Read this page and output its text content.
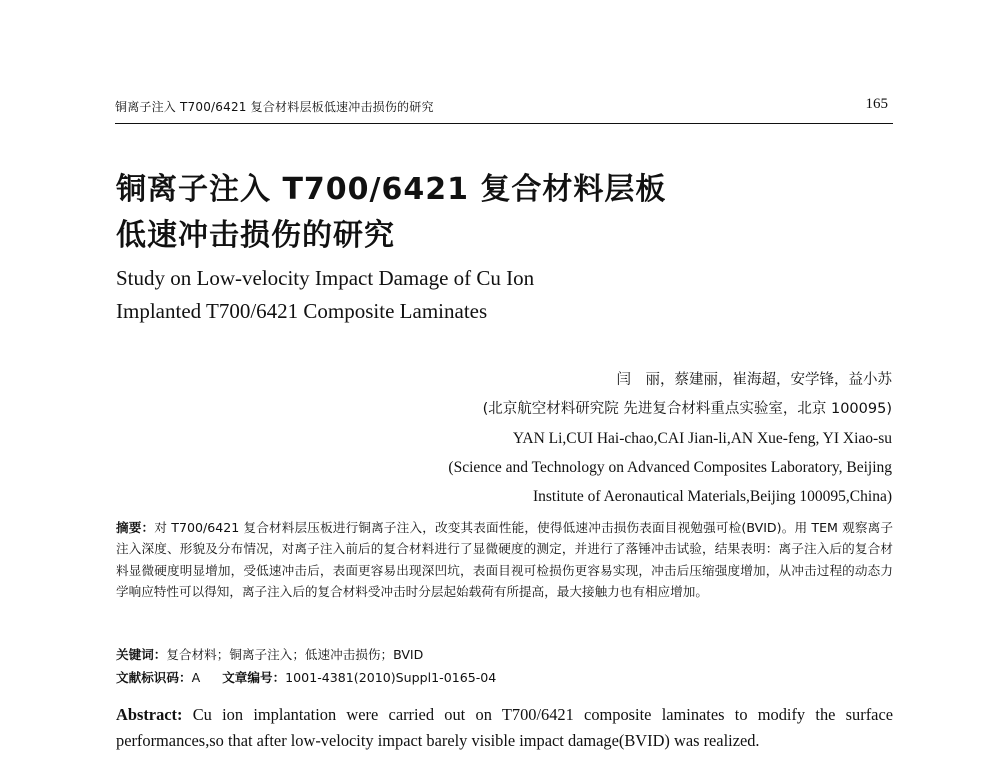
铜离子注入 T700/6421 复合材料层板低速冲击损伤的研究	165
铜离子注入 T700/6421 复合材料层板
低速冲击损伤的研究
Study on Low-velocity Impact Damage of Cu Ion
Implanted T700/6421 Composite Laminates
闫　丽，蔡建丽，崔海超，安学锋，益小苏
(北京航空材料研究院 先进复合材料重点实验室，北京 100095)
YAN Li,CUI Hai-chao,CAI Jian-li,AN Xue-feng, YI Xiao-su
(Science and Technology on Advanced Composites Laboratory, Beijing
Institute of Aeronautical Materials,Beijing 100095,China)
摘要：对 T700/6421 复合材料层压板进行铜离子注入，改变其表面性能，使得低速冲击损伤表面目视勉强可检(BVID)。用 TEM 观察离子注入深度、形貌及分布情况，对离子注入前后的复合材料进行了显微硬度的测定，并进行了落锤冲击试验，结果表明：离子注入后的复合材料显微硬度明显增加，受低速冲击后，表面更容易出现深凹坑，表面目视可检损伤更容易实现，冲击后压缩强度增加，从冲击过程的动态力学响应特性可以得知，离子注入后的复合材料受冲击时分层起始载荷有所提高，最大接触力也有相应增加。
关键词：复合材料；铜离子注入；低速冲击损伤；BVID
文献标识码：A 文章编号：1001-4381(2010)Suppl1-0165-04
Abstract: Cu ion implantation were carried out on T700/6421 composite laminates to modify the surface performances,so that after low-velocity impact barely visible impact damage(BVID) was realized.
